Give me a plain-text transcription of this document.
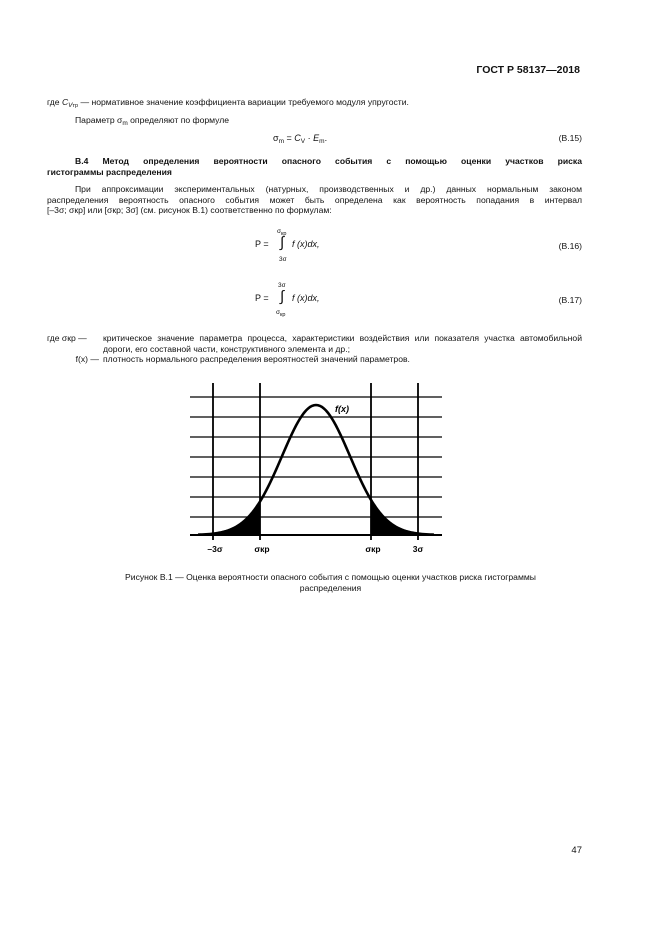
ГОСТ Р 58137—2018
где $C_{Vтр}$ — нормативное значение коэффициента вариации требуемого модуля упругости.
Параметр $\sigma_m$ определяют по формуле
$\sigma_m = C_V \cdot E_m$.	(В.15)
В.4 Метод определения вероятности опасного события с помощью оценки участков риска
гистограммы распределения
При аппроксимации экспериментальных (натурных, производственных и др.) данных нормальным законом
распределения вероятность опасного события может быть определена как вероятность попадания в интервал
[–3σ; σкр] или [σкр; 3σ] (см. рисунок В.1) соответственно по формулам:
P =
$\sigma_{кр}$
∫
3σ
f (x)dx,	(В.16)
P =
3σ
∫
$\sigma_{кр}$
f (x)dx,	(В.17)
где σкр —	критическое значение параметра процесса, характеристики воздействия или показателя участка автомобильной дороги, его составной части, конструктивного элемента и др.;
f(x) — плотность нормального распределения вероятностей значений параметров.
f(x)
–3σ	σкр	σкр	3σ
Рисунок В.1 — Оценка вероятности опасного события с помощью оценки участков риска гистограммы
распределения
47
